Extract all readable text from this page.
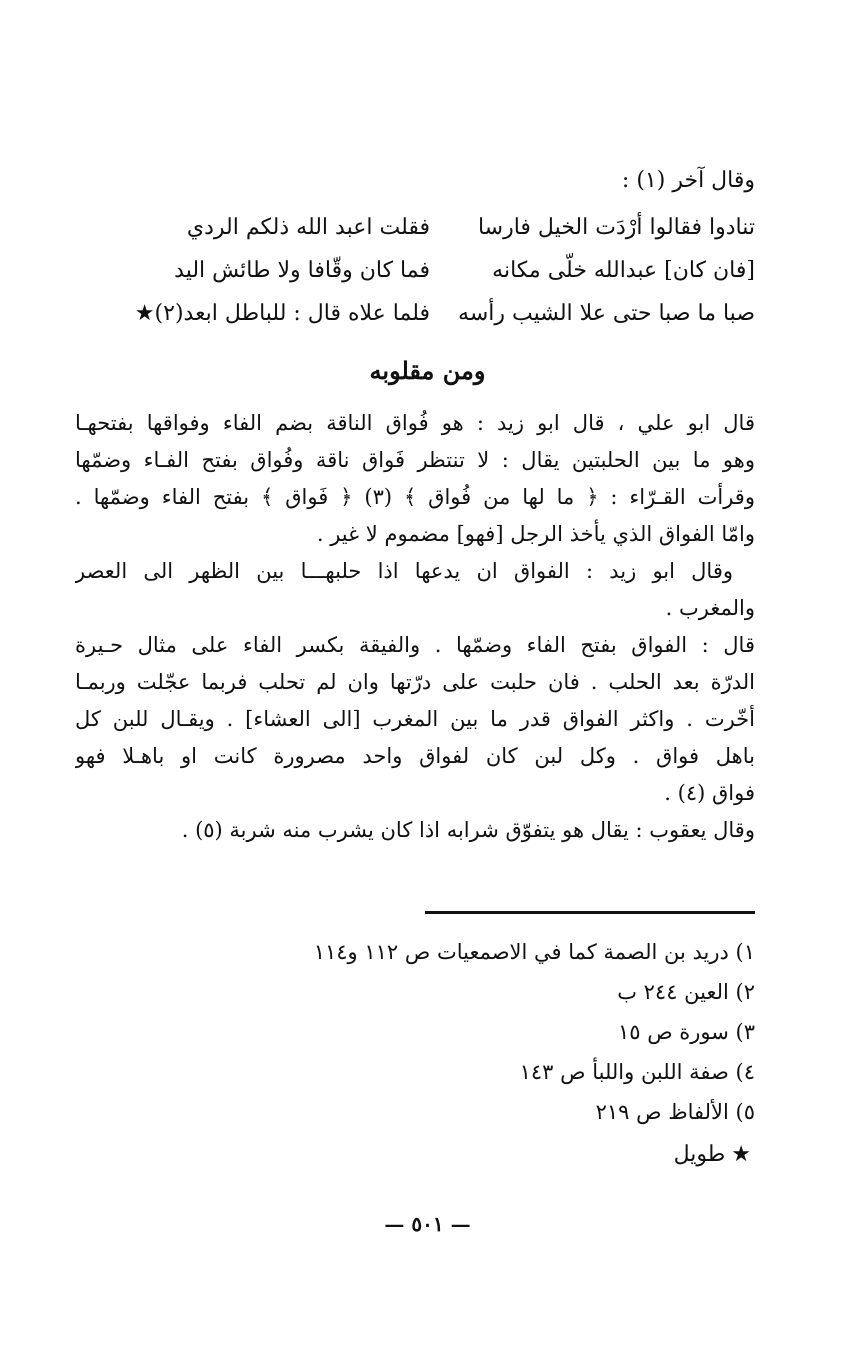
وقال آخر (١) :
تنادوا فقالوا أرْدَت الخيل فارسا
فقلت اعبد الله ذلكم الردي
[فان كان] عبدالله خلّى مكانه
فما كان وقّافا ولا طائش اليد
صبا ما صبا حتى علا الشيب رأسه
فلما علاه قال : للباطل ابعد(٢)★
ومن مقلوبه
قال ابو علي ، قال ابو زيد : هو فُواق الناقة بضم الفاء وفواقها بفتحهـا
وهو ما بين الحلبتين يقال : لا تنتظر فَواق ناقة وفُواق بفتح الفـاء وضمّها
وقرأت القـرّاء : ﴿ ما لها من فُواق ﴾ (٣) ﴿ فَواق ﴾ بفتح الفاء وضمّها .
وامّا الفواق الذي يأخذ الرجل [فهو] مضموم لا غير .
وقال ابو زيد : الفواق ان يدعها اذا حلبهـــا بين الظهر الى العصر
والمغرب .
قال : الفواق بفتح الفاء وضمّها . والفيقة بكسر الفاء على مثال حـيرة
الدرّة بعد الحلب . فان حلبت على درّتها وان لم تحلب فربما عجّلت وربمـا
أخّرت . واكثر الفواق قدر ما بين المغرب [الى العشاء] . ويقـال للبن كل
باهل فواق . وكل لبن كان لفواق واحد مصرورة كانت او باهـلا فهو
فواق (٤) .
وقال يعقوب : يقال هو يتفوّق شرابه اذا كان يشرب منه شربة (٥) .
١) دريد بن الصمة كما في الاصمعيات ص ١١٢ و١١٤
٢) العين ٢٤٤ ب
٣) سورة ص ١٥
٤) صفة اللبن واللبأ ص ١٤٣
٥) الألفاظ ص ٢١٩
★طويل
— ٥٠١ —
